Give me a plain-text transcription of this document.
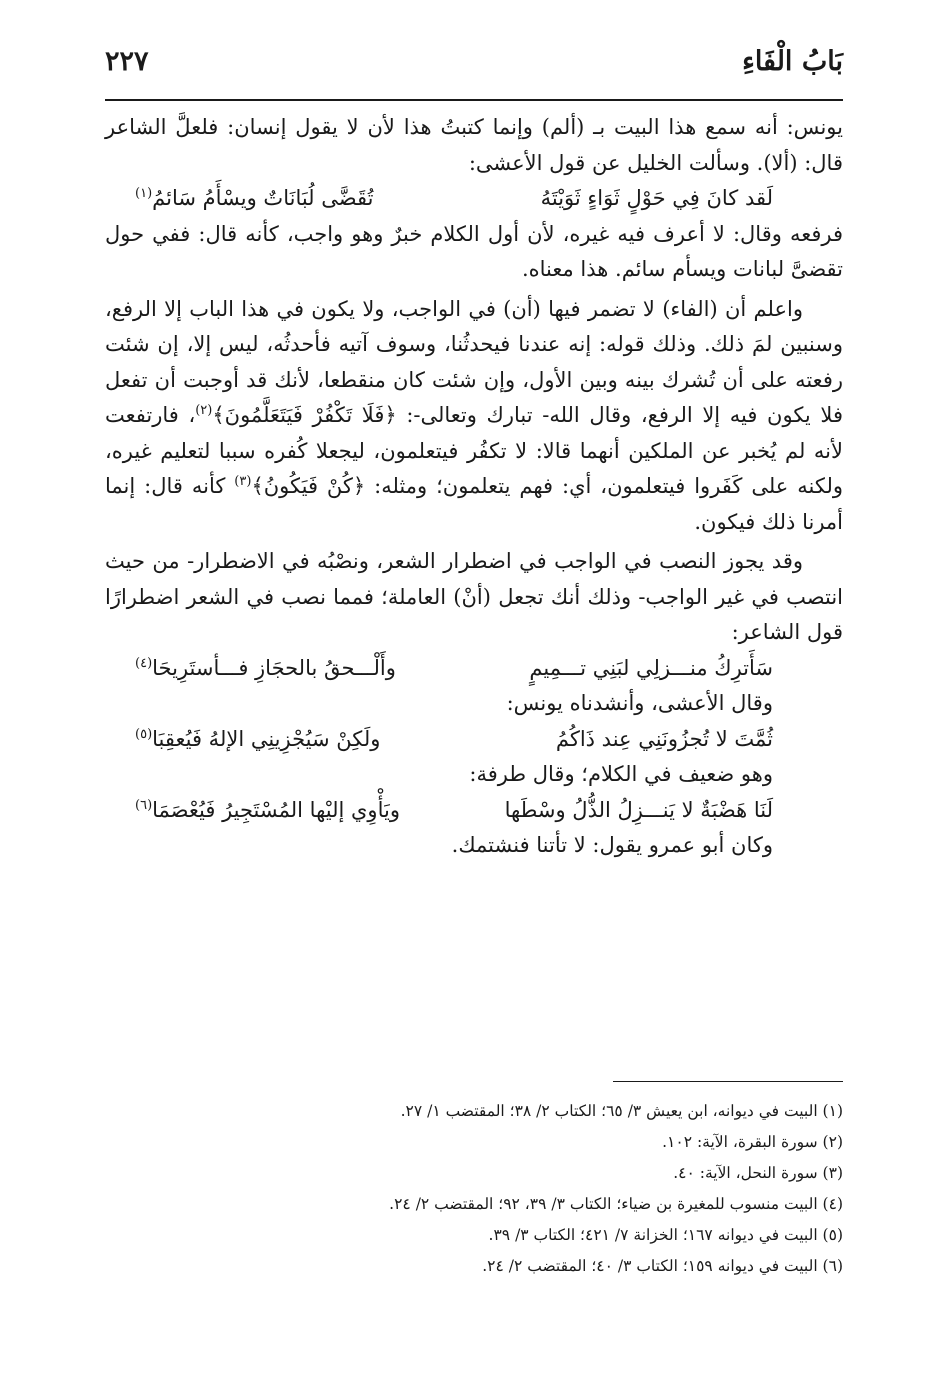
بَابُ الْفَاءِ
٢٢٧

يونس: أنه سمع هذا البيت بـ (ألم) وإنما كتبتُ هذا لأن لا يقول إنسان: فلعلَّ الشاعر قال: (ألا). وسألت الخليل عن قول الأعشى:

لَقد كانَ فِي حَوْلٍ ثَوَاءٍ ثَوَيْتَهُ
تُقَضَّى لُبَانَاتٌ ويسْأَمُ سَائمُ$^{(١)}$

فرفعه وقال: لا أعرف فيه غيره، لأن أول الكلام خبرٌ وهو واجب، كأنه قال: ففي حول تقضىَّ لبانات ويسأم سائم. هذا معناه.

واعلم أن (الفاء) لا تضمر فيها (أن) في الواجب، ولا يكون في هذا الباب إلا الرفع، وسنبين لمَ ذلك. وذلك قوله: إنه عندنا فيحدثُنا، وسوف آتيه فأحدثُه، ليس إلا، إن شئت رفعته على أن تُشرك بينه وبين الأول، وإن شئت كان منقطعا، لأنك قد أوجبت أن تفعل فلا يكون فيه إلا الرفع، وقال الله- تبارك وتعالى-: ﴿فَلَا تَكْفُرْ فَيَتَعَلَّمُونَ﴾$^{(٢)}$، فارتفعت لأنه لم يُخبر عن الملكين أنهما قالا: لا تكفُر فيتعلمون، ليجعلا كُفره سببا لتعليم غيره، ولكنه على كَفَروا فيتعلمون، أي: فهم يتعلمون؛ ومثله: ﴿كُنْ فَيَكُونُ﴾$^{(٣)}$ كأنه قال: إنما أمرنا ذلك فيكون.

وقد يجوز النصب في الواجب في اضطرار الشعر، ونصْبُه في الاضطرار- من حيث انتصب في غير الواجب- وذلك أنك تجعل (أنْ) العاملة؛ فمما نصب في الشعر اضطرارًا قول الشاعر:

سَأَترِكُ منـــزلِي لبَنِي تـــمِيمٍ
وأَلْـــحقُ بالحجَازِ فـــأستَرِيحَا$^{(٤)}$

وقال الأعشى، وأنشدناه يونس:

ثُمَّتَ لا تُجزُونَنِي عِند ذَاكُمُ
ولَكِنْ سَيُجْزِينِي الإلهُ فَيُعقِبَا$^{(٥)}$

وهو ضعيف في الكلام؛ وقال طرفة:

لَنَا هَضْبَةٌ لا يَنـــزِلُ الذُّلُ وسْطَها
ويَأْوِي إليْها المُسْتَجِيرُ فَيُعْصَمَا$^{(٦)}$

وكان أبو عمرو يقول: لا تأتنا فنشتمك.

(١) البيت في ديوانه، ابن يعيش ٣/ ٦٥؛ الكتاب ٢/ ٣٨؛ المقتضب ١/ ٢٧.

(٢) سورة البقرة، الآية: ١٠٢.

(٣) سورة النحل، الآية: ٤٠.

(٤) البيت منسوب للمغيرة بن ضياء؛ الكتاب ٣/ ٣٩، ٩٢؛ المقتضب ٢/ ٢٤.

(٥) البيت في ديوانه ١٦٧؛ الخزانة ٧/ ٤٢١؛ الكتاب ٣/ ٣٩.

(٦) البيت في ديوانه ١٥٩؛ الكتاب ٣/ ٤٠؛ المقتضب ٢/ ٢٤.
